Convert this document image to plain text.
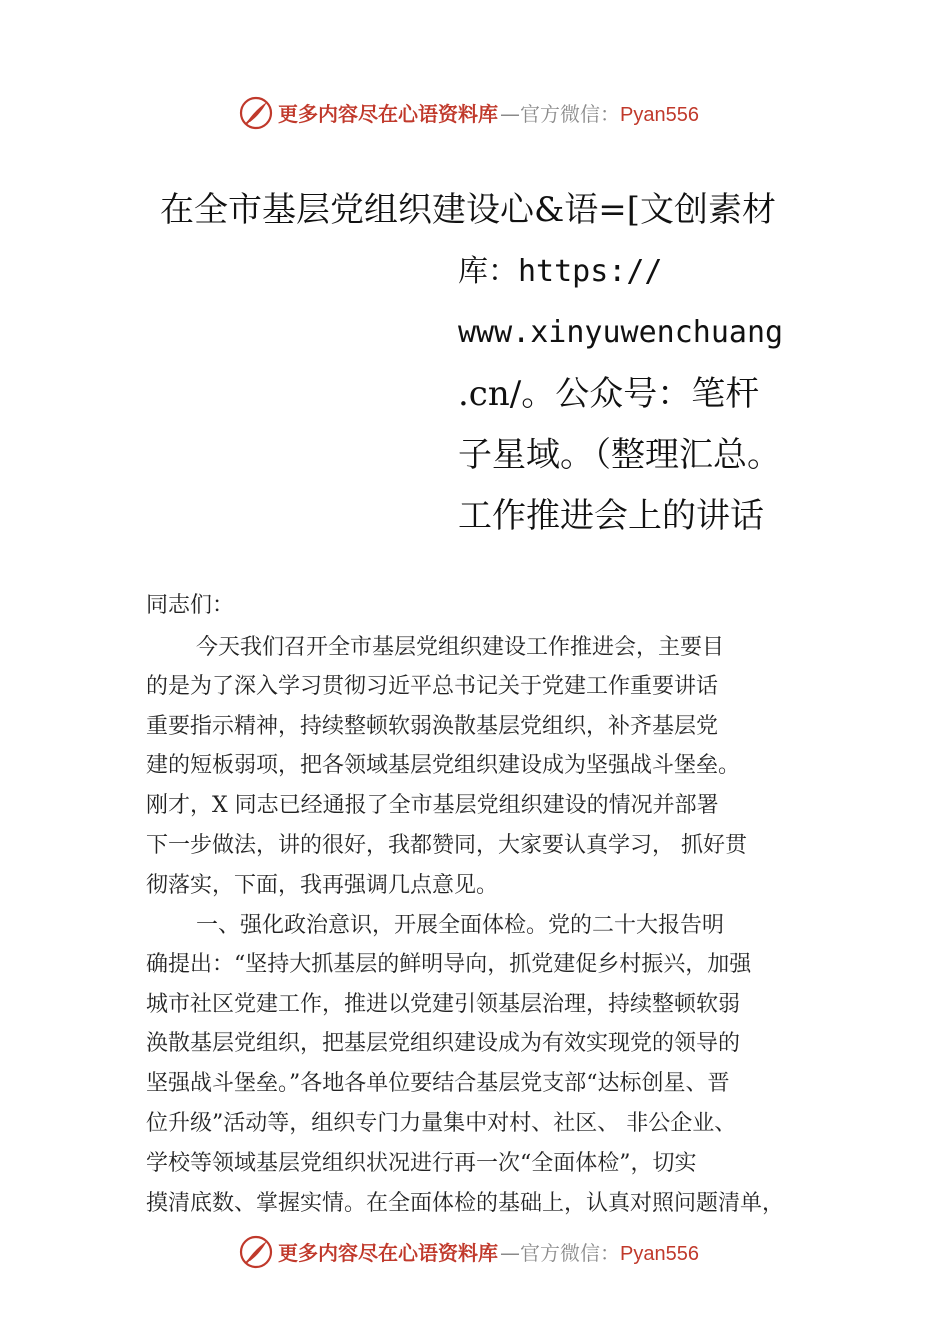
更多内容尽在心语资料库 —官方微信：Pyan556
在全市基层党组织建设心&语=[文创素材
库：https://
www.xinyuwenchuang
.cn/。公众号：笔杆
子星域。（整理汇总。
工作推进会上的讲话
同志们：
今天我们召开全市基层党组织建设工作推进会，主要目
的是为了深入学习贯彻习近平总书记关于党建工作重要讲话
重要指示精神，持续整顿软弱涣散基层党组织，补齐基层党
建的短板弱项，把各领域基层党组织建设成为坚强战斗堡垒。
刚才，X 同志已经通报了全市基层党组织建设的情况并部署
下一步做法，讲的很好，我都赞同，大家要认真学习， 抓好贯
彻落实，下面，我再强调几点意见。
一、强化政治意识，开展全面体检。党的二十大报告明
确提出：“坚持大抓基层的鲜明导向，抓党建促乡村振兴，加强
城市社区党建工作，推进以党建引领基层治理，持续整顿软弱
涣散基层党组织，把基层党组织建设成为有效实现党的领导的
坚强战斗堡垒。”各地各单位要结合基层党支部“达标创星、晋
位升级”活动等，组织专门力量集中对村、社区、 非公企业、
学校等领域基层党组织状况进行再一次“全面体检”，切实
摸清底数、掌握实情。在全面体检的基础上，认真对照问题清单，
更多内容尽在心语资料库 —官方微信：Pyan556
